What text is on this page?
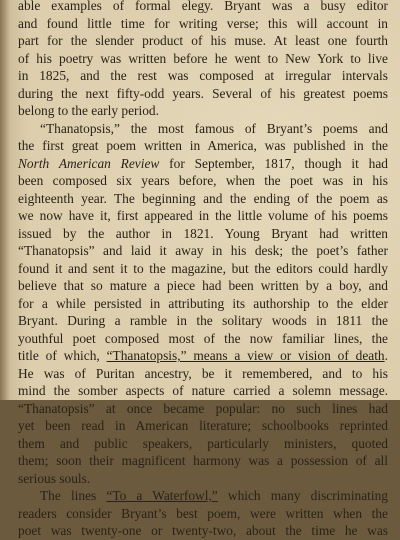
able examples of formal elegy. Bryant was a busy editor
and found little time for writing verse; this will account in
part for the slender product of his muse. At least one fourth
of his poetry was written before he went to New York to live
in 1825, and the rest was composed at irregular intervals
during the next fifty-odd years. Several of his greatest poems
belong to the early period.
“Thanatopsis,” the most famous of Bryant’s poems and
the first great poem written in America, was published in the
North American Review for September, 1817, though it had
been composed six years before, when the poet was in his
eighteenth year. The beginning and the ending of the poem as
we now have it, first appeared in the little volume of his poems
issued by the author in 1821. Young Bryant had written
“Thanatopsis” and laid it away in his desk; the poet’s father
found it and sent it to the magazine, but the editors could hardly
believe that so mature a piece had been written by a boy, and
for a while persisted in attributing its authorship to the elder
Bryant. During a ramble in the solitary woods in 1811 the
youthful poet composed most of the now familiar lines, the
title of which, “Thanatopsis,” means a view or vision of death.
He was of Puritan ancestry, be it remembered, and to his
mind the somber aspects of nature carried a solemn message.
“Thanatopsis” at once became popular: no such lines had
yet been read in American literature; schoolbooks reprinted
them and public speakers, particularly ministers, quoted
them; soon their magnificent harmony was a possession of all
serious souls.
The lines “To a Waterfowl,” which many discriminating
readers consider Bryant’s best poem, were written when the
poet was twenty-one or twenty-two, about the time he was
